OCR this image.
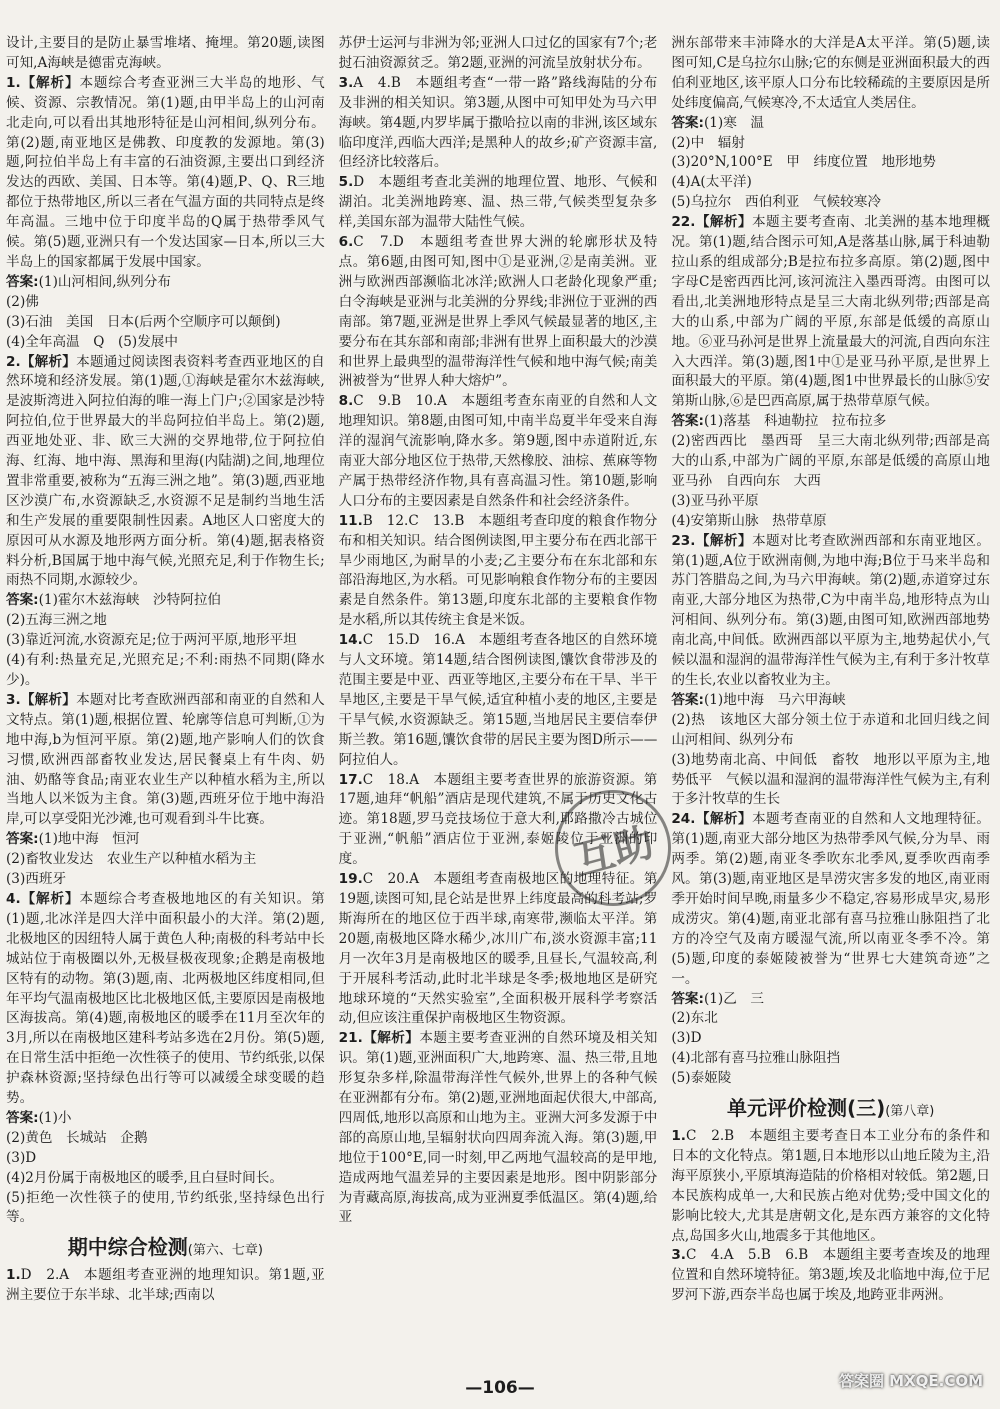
设计,主要目的是防止暴雪堆堵、掩埋。第20题,读图可知,A海峡是德雷克海峡。

1.【解析】本题综合考查亚洲三大半岛的地形、气候、资源、宗教情况。第(1)题,由甲半岛上的山河南北走向,可以看出其地形特征是山河相间,纵列分布。第(2)题,南亚地区是佛教、印度教的发源地。第(3)题,阿拉伯半岛上有丰富的石油资源,主要出口到经济发达的西欧、美国、日本等。第(4)题,P、Q、R三地都位于热带地区,所以三者在气温方面的共同特点是终年高温。三地中位于印度半岛的Q属于热带季风气候。第(5)题,亚洲只有一个发达国家—日本,所以三大半岛上的国家都属于发展中国家。

答案:(1)山河相间,纵列分布

(2)佛

(3)石油　美国　日本(后两个空顺序可以颠倒)

(4)全年高温　Q　(5)发展中

2.【解析】本题通过阅读图表资料考查西亚地区的自然环境和经济发展。第(1)题,①海峡是霍尔木兹海峡,是波斯湾进入阿拉伯海的唯一海上门户;②国家是沙特阿拉伯,位于世界最大的半岛阿拉伯半岛上。第(2)题,西亚地处亚、非、欧三大洲的交界地带,位于阿拉伯海、红海、地中海、黑海和里海(内陆湖)之间,地理位置非常重要,被称为“五海三洲之地”。第(3)题,西亚地区沙漠广布,水资源缺乏,水资源不足是制约当地生活和生产发展的重要限制性因素。A地区人口密度大的原因可从水源及地形两方面分析。第(4)题,据表格资料分析,B国属于地中海气候,光照充足,利于作物生长;雨热不同期,水源较少。

答案:(1)霍尔木兹海峡　沙特阿拉伯

(2)五海三洲之地

(3)靠近河流,水资源充足;位于两河平原,地形平坦

(4)有利:热量充足,光照充足;不利:雨热不同期(降水少)。

3.【解析】本题对比考查欧洲西部和南亚的自然和人文特点。第(1)题,根据位置、轮廓等信息可判断,①为地中海,b为恒河平原。第(2)题,地产影响人们的饮食习惯,欧洲西部畜牧业发达,居民餐桌上有牛肉、奶油、奶酪等食品;南亚农业生产以种植水稻为主,所以当地人以米饭为主食。第(3)题,西班牙位于地中海沿岸,可以享受阳光沙滩,也可观看到斗牛比赛。

答案:(1)地中海　恒河

(2)畜牧业发达　农业生产以种植水稻为主

(3)西班牙

4.【解析】本题综合考查极地地区的有关知识。第(1)题,北冰洋是四大洋中面积最小的大洋。第(2)题,北极地区的因纽特人属于黄色人种;南极的科考站中长城站位于南极圈以外,无极昼极夜现象;企鹅是南极地区特有的动物。第(3)题,南、北两极地区纬度相同,但年平均气温南极地区比北极地区低,主要原因是南极地区海拔高。第(4)题,南极地区的暖季在11月至次年的3月,所以在南极地区建科考站多选在2月份。第(5)题,在日常生活中拒绝一次性筷子的使用、节约纸张,以保护森林资源;坚持绿色出行等可以减缓全球变暖的趋势。

答案:(1)小

(2)黄色　长城站　企鹅

(3)D

(4)2月份属于南极地区的暖季,且白昼时间长。

(5)拒绝一次性筷子的使用,节约纸张,坚持绿色出行等。

期中综合检测(第六、七章)

1.D　2.A　本题组考查亚洲的地理知识。第1题,亚洲主要位于东半球、北半球;西南以

苏伊士运河与非洲为邻;亚洲人口过亿的国家有7个;老挝石油资源贫乏。第2题,亚洲的河流呈放射状分布。

3.A　4.B　本题组考查“一带一路”路线海陆的分布及非洲的相关知识。第3题,从图中可知甲处为马六甲海峡。第4题,内罗毕属于撒哈拉以南的非洲,该区域东临印度洋,西临大西洋;是黑种人的故乡;矿产资源丰富,但经济比较落后。

5.D　本题组考查北美洲的地理位置、地形、气候和湖泊。北美洲地跨寒、温、热三带,气候类型复杂多样,美国东部为温带大陆性气候。

6.C　7.D　本题组考查世界大洲的轮廓形状及特点。第6题,由图可知,图中①是亚洲,②是南美洲。亚洲与欧洲西部濒临北冰洋;欧洲人口老龄化现象严重;白令海峡是亚洲与北美洲的分界线;非洲位于亚洲的西南部。第7题,亚洲是世界上季风气候最显著的地区,主要分布在其东部和南部;非洲有世界上面积最大的沙漠和世界上最典型的温带海洋性气候和地中海气候;南美洲被誉为“世界人种大熔炉”。

8.C　9.B　10.A　本题组考查东南亚的自然和人文地理知识。第8题,由图可知,中南半岛夏半年受来自海洋的湿润气流影响,降水多。第9题,图中赤道附近,东南亚大部分地区位于热带,天然橡胶、油棕、蕉麻等物产属于热带经济作物,具有喜高温习性。第10题,影响人口分布的主要因素是自然条件和社会经济条件。

11.B　12.C　13.B　本题组考查印度的粮食作物分布和相关知识。结合图例读图,甲主要分布在西北部干旱少雨地区,为耐旱的小麦;乙主要分布在东北部和东部沿海地区,为水稻。可见影响粮食作物分布的主要因素是自然条件。第13题,印度东北部的主要粮食作物是水稻,所以其传统主食是米饭。

14.C　15.D　16.A　本题组考查各地区的自然环境与人文环境。第14题,结合图例读图,馕饮食带涉及的范围主要是中亚、西亚等地区,主要分布在干旱、半干旱地区,主要是干旱气候,适宜种植小麦的地区,主要是干旱气候,水资源缺乏。第15题,当地居民主要信奉伊斯兰教。第16题,馕饮食带的居民主要为图D所示——阿拉伯人。

17.C　18.A　本题组主要考查世界的旅游资源。第17题,迪拜“帆船”酒店是现代建筑,不属于历史文化古迹。第18题,罗马竞技场位于意大利,耶路撒冷古城位于亚洲,“帆船”酒店位于亚洲,泰姬陵位于亚洲的印度。

19.C　20.A　本题组考查南极地区的地理特征。第19题,读图可知,昆仑站是世界上纬度最高的科考站;罗斯海所在的地区位于西半球,南寒带,濒临太平洋。第20题,南极地区降水稀少,冰川广布,淡水资源丰富;11月一次年3月是南极地区的暖季,且昼长,气温较高,利于开展科考活动,此时北半球是冬季;极地地区是研究地球环境的“天然实验室”,全面积极开展科学考察活动,但应该注重保护南极地区生物资源。

21.【解析】本题主要考查亚洲的自然环境及相关知识。第(1)题,亚洲面积广大,地跨寒、温、热三带,且地形复杂多样,除温带海洋性气候外,世界上的各种气候在亚洲都有分布。第(2)题,亚洲地面起伏很大,中部高,四周低,地形以高原和山地为主。亚洲大河多发源于中部的高原山地,呈辐射状向四周奔流入海。第(3)题,甲地位于100°E,同一时刻,甲乙两地气温较高的是甲地,造成两地气温差异的主要因素是地形。图中阴影部分为青藏高原,海拔高,成为亚洲夏季低温区。第(4)题,给亚

洲东部带来丰沛降水的大洋是A太平洋。第(5)题,读图可知,C是乌拉尔山脉;它的东侧是亚洲面积最大的西伯利亚地区,该平原人口分布比较稀疏的主要原因是所处纬度偏高,气候寒冷,不太适宜人类居住。

答案:(1)寒　温

(2)中　辐射

(3)20°N,100°E　甲　纬度位置　地形地势

(4)A(太平洋)

(5)乌拉尔　西伯利亚　气候较寒冷

22.【解析】本题主要考查南、北美洲的基本地理概况。第(1)题,结合图示可知,A是落基山脉,属于科迪勒拉山系的组成部分;B是拉布拉多高原。第(2)题,图中字母C是密西西比河,该河流注入墨西哥湾。由图可以看出,北美洲地形特点是呈三大南北纵列带;西部是高大的山系,中部为广阔的平原,东部是低缓的高原山地。⑥亚马孙河是世界上流量最大的河流,自西向东注入大西洋。第(3)题,图1中①是亚马孙平原,是世界上面积最大的平原。第(4)题,图1中世界最长的山脉⑤安第斯山脉,⑥是巴西高原,属于热带草原气候。

答案:(1)落基　科迪勒拉　拉布拉多

(2)密西西比　墨西哥　呈三大南北纵列带;西部是高大的山系,中部为广阔的平原,东部是低缓的高原山地　亚马孙　自西向东　大西

(3)亚马孙平原

(4)安第斯山脉　热带草原

23.【解析】本题对比考查欧洲西部和东南亚地区。第(1)题,A位于欧洲南侧,为地中海;B位于马来半岛和苏门答腊岛之间,为马六甲海峡。第(2)题,赤道穿过东南亚,大部分地区为热带,C为中南半岛,地形特点为山河相间、纵列分布。第(3)题,由图可知,欧洲西部地势南北高,中间低。欧洲西部以平原为主,地势起伏小,气候以温和湿润的温带海洋性气候为主,有利于多汁牧草的生长,农业以畜牧业为主。

答案:(1)地中海　马六甲海峡

(2)热　该地区大部分领土位于赤道和北回归线之间　山河相间、纵列分布

(3)地势南北高、中间低　畜牧　地形以平原为主,地势低平　气候以温和湿润的温带海洋性气候为主,有利于多汁牧草的生长

24.【解析】本题考查南亚的自然和人文地理特征。第(1)题,南亚大部分地区为热带季风气候,分为旱、雨两季。第(2)题,南亚冬季吹东北季风,夏季吹西南季风。第(3)题,南亚地区是旱涝灾害多发的地区,南亚雨季开始时间早晚,雨量多少不稳定,容易形成旱灾,易形成涝灾。第(4)题,南亚北部有喜马拉雅山脉阻挡了北方的冷空气及南方暖湿气流,所以南亚冬季不冷。第(5)题,印度的泰姬陵被誉为“世界七大建筑奇迹”之一。

答案:(1)乙　三

(2)东北

(3)D

(4)北部有喜马拉雅山脉阻挡

(5)泰姬陵

单元评价检测(三)(第八章)

1.C　2.B　本题组主要考查日本工业分布的条件和日本的文化特点。第1题,日本地形以山地丘陵为主,沿海平原狭小,平原填海造陆的价格相对较低。第2题,日本民族构成单一,大和民族占绝对优势;受中国文化的影响比较大,尤其是唐朝文化,是东西方兼容的文化特点,岛国多火山,地震多于其他地区。

3.C　4.A　5.B　6.B　本题组主要考查埃及的地理位置和自然环境特征。第3题,埃及北临地中海,位于尼罗河下游,西奈半岛也属于埃及,地跨亚非两洲。

互助
—106—	答案圈 MXQE.COM
